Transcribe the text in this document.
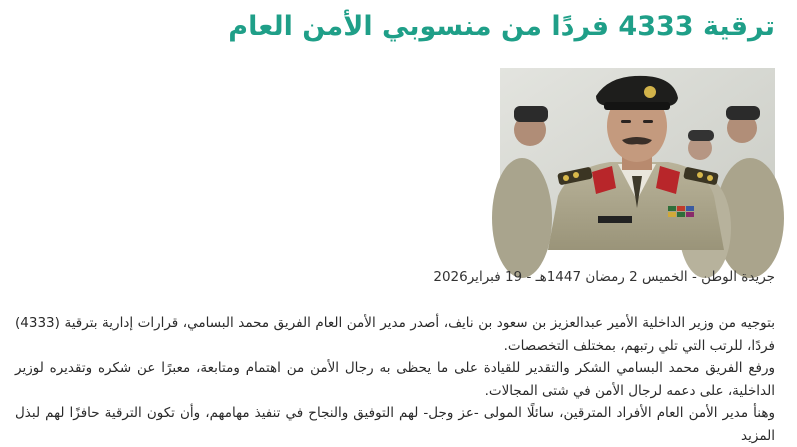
ترقية 4333 فردًا من منسوبي الأمن العام

جريدة الوطن - الخميس 2 رمضان 1447هـ - 19 فبراير2026

بتوجيه من وزير الداخلية الأمير عبدالعزيز بن سعود بن نايف، أصدر مدير الأمن العام الفريق محمد البسامي، قرارات إدارية بترقية (4333) فردًا، للرتب التي تلي رتبهم، بمختلف التخصصات.

ورفع الفريق محمد البسامي الشكر والتقدير للقيادة على ما يحظى به رجال الأمن من اهتمام ومتابعة، معبرًا عن شكره وتقديره لوزير الداخلية، على دعمه لرجال الأمن في شتى المجالات.

وهنأ مدير الأمن العام الأفراد المترقين، سائلًا المولى -عز وجل- لهم التوفيق والنجاح في تنفيذ مهامهم، وأن تكون الترقية حافزًا لهم لبذل المزيد
